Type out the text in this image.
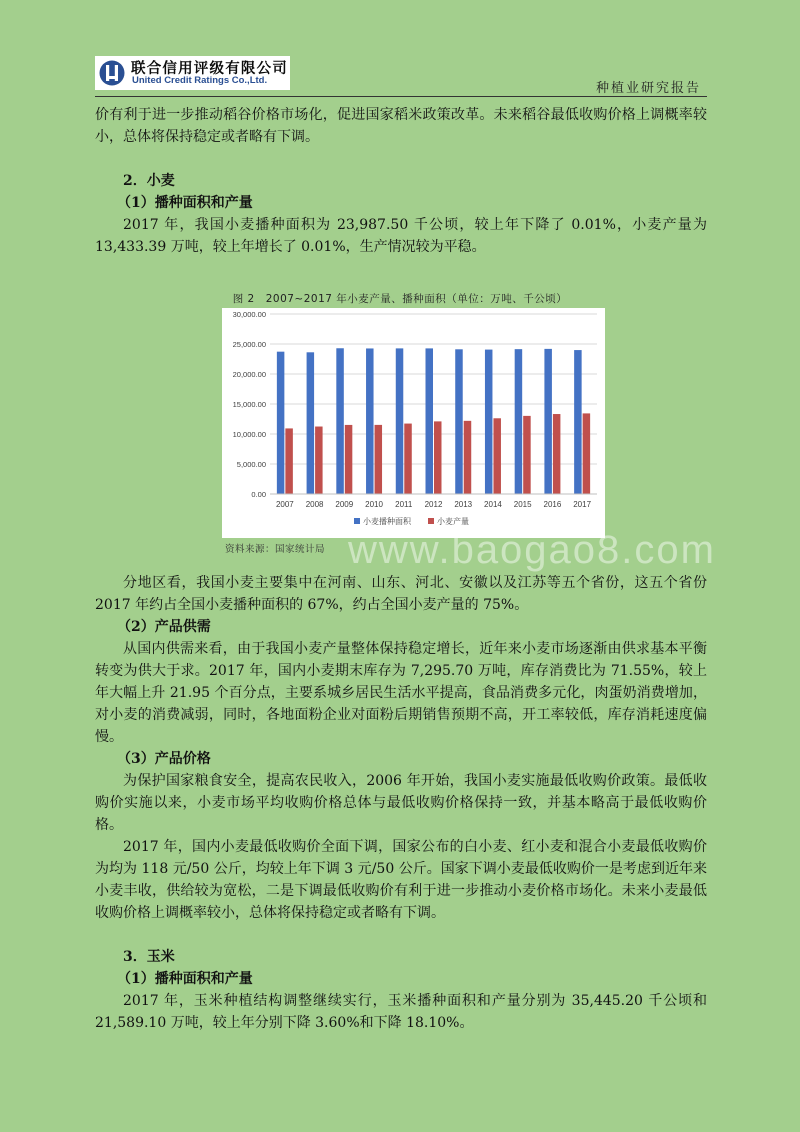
联合信用评级有限公司
United Credit Ratings Co.,Ltd.
种植业研究报告

价有利于进一步推动稻谷价格市场化，促进国家稻米政策改革。未来稻谷最低收购价格上调概率较小，总体将保持稳定或者略有下调。

2．小麦

（1）播种面积和产量

2017 年，我国小麦播种面积为 23,987.50 千公顷，较上年下降了 0.01%，小麦产量为 13,433.39 万吨，较上年增长了 0.01%，生产情况较为平稳。

图 2　2007~2017 年小麦产量、播种面积（单位：万吨、千公顷）
0.00
5,000.00
10,000.00
15,000.00
20,000.00
25,000.00
30,000.00
2007 2008 2009 2010 2011 2012 2013 2014 2015 2016 2017
小麦播种面积	小麦产量
资料来源：国家统计局 www.baogao8.com

分地区看，我国小麦主要集中在河南、山东、河北、安徽以及江苏等五个省份，这五个省份 2017 年约占全国小麦播种面积的 67%，约占全国小麦产量的 75%。

（2）产品供需

从国内供需来看，由于我国小麦产量整体保持稳定增长，近年来小麦市场逐渐由供求基本平衡转变为供大于求。2017 年，国内小麦期末库存为 7,295.70 万吨，库存消费比为 71.55%，较上年大幅上升 21.95 个百分点，主要系城乡居民生活水平提高，食品消费多元化，肉蛋奶消费增加，对小麦的消费减弱，同时，各地面粉企业对面粉后期销售预期不高，开工率较低，库存消耗速度偏慢。

（3）产品价格

为保护国家粮食安全，提高农民收入，2006 年开始，我国小麦实施最低收购价政策。最低收购价实施以来，小麦市场平均收购价格总体与最低收购价格保持一致，并基本略高于最低收购价格。

2017 年，国内小麦最低收购价全面下调，国家公布的白小麦、红小麦和混合小麦最低收购价为均为 118 元/50 公斤，均较上年下调 3 元/50 公斤。国家下调小麦最低收购价一是考虑到近年来小麦丰收，供给较为宽松，二是下调最低收购价有利于进一步推动小麦价格市场化。未来小麦最低收购价格上调概率较小，总体将保持稳定或者略有下调。

3．玉米

（1）播种面积和产量

2017 年，玉米种植结构调整继续实行，玉米播种面积和产量分别为 35,445.20 千公顷和 21,589.10 万吨，较上年分别下降 3.60%和下降 18.10%。
